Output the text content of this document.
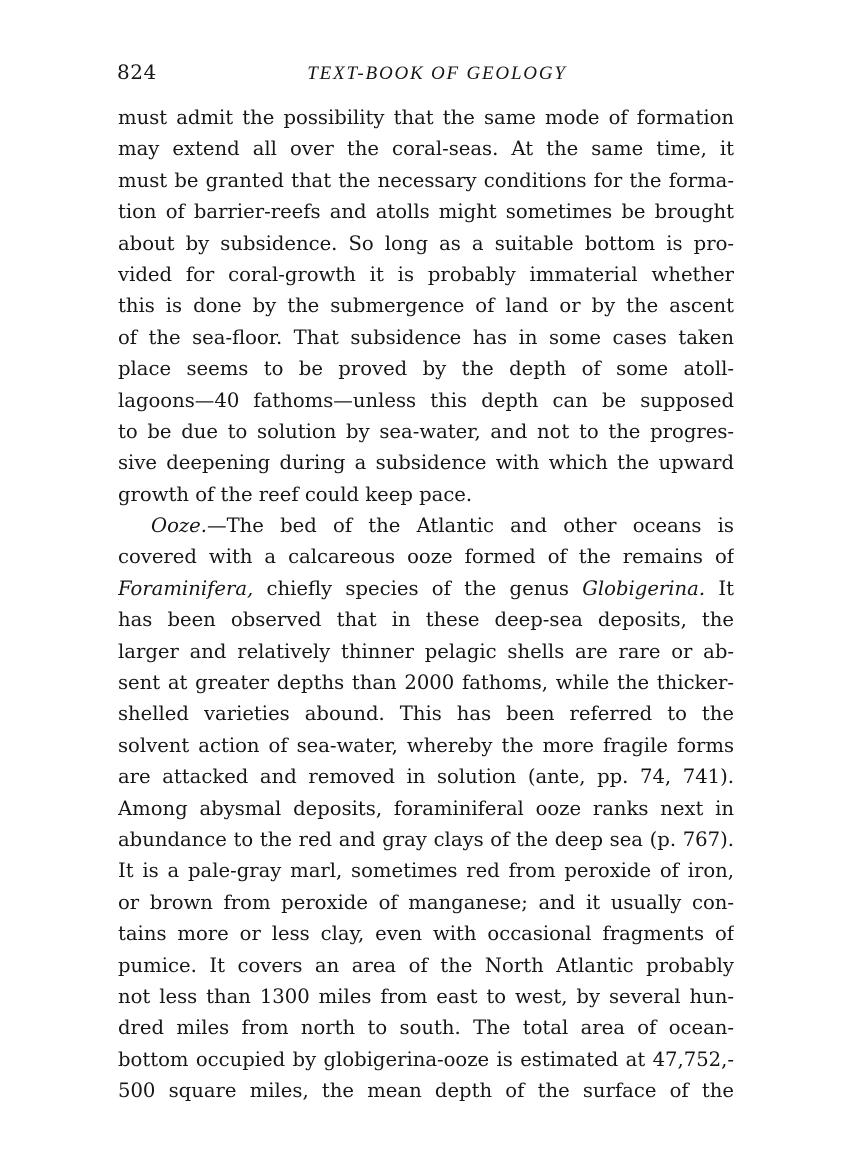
824	TEXT-BOOK OF GEOLOGY
must admit the possibility that the same mode of formation
may extend all over the coral-seas. At the same time, it
must be granted that the necessary conditions for the forma-
tion of barrier-reefs and atolls might sometimes be brought
about by subsidence. So long as a suitable bottom is pro-
vided for coral-growth it is probably immaterial whether
this is done by the submergence of land or by the ascent
of the sea-floor. That subsidence has in some cases taken
place seems to be proved by the depth of some atoll-
lagoons—40 fathoms—unless this depth can be supposed
to be due to solution by sea-water, and not to the progres-
sive deepening during a subsidence with which the upward
growth of the reef could keep pace.
Ooze.—The bed of the Atlantic and other oceans is
covered with a calcareous ooze formed of the remains of
Foraminifera, chiefly species of the genus Globigerina. It
has been observed that in these deep-sea deposits, the
larger and relatively thinner pelagic shells are rare or ab-
sent at greater depths than 2000 fathoms, while the thicker-
shelled varieties abound. This has been referred to the
solvent action of sea-water, whereby the more fragile forms
are attacked and removed in solution (ante, pp. 74, 741).
Among abysmal deposits, foraminiferal ooze ranks next in
abundance to the red and gray clays of the deep sea (p. 767).
It is a pale-gray marl, sometimes red from peroxide of iron,
or brown from peroxide of manganese; and it usually con-
tains more or less clay, even with occasional fragments of
pumice. It covers an area of the North Atlantic probably
not less than 1300 miles from east to west, by several hun-
dred miles from north to south. The total area of ocean-
bottom occupied by globigerina-ooze is estimated at 47,752,-
500 square miles, the mean depth of the surface of the
